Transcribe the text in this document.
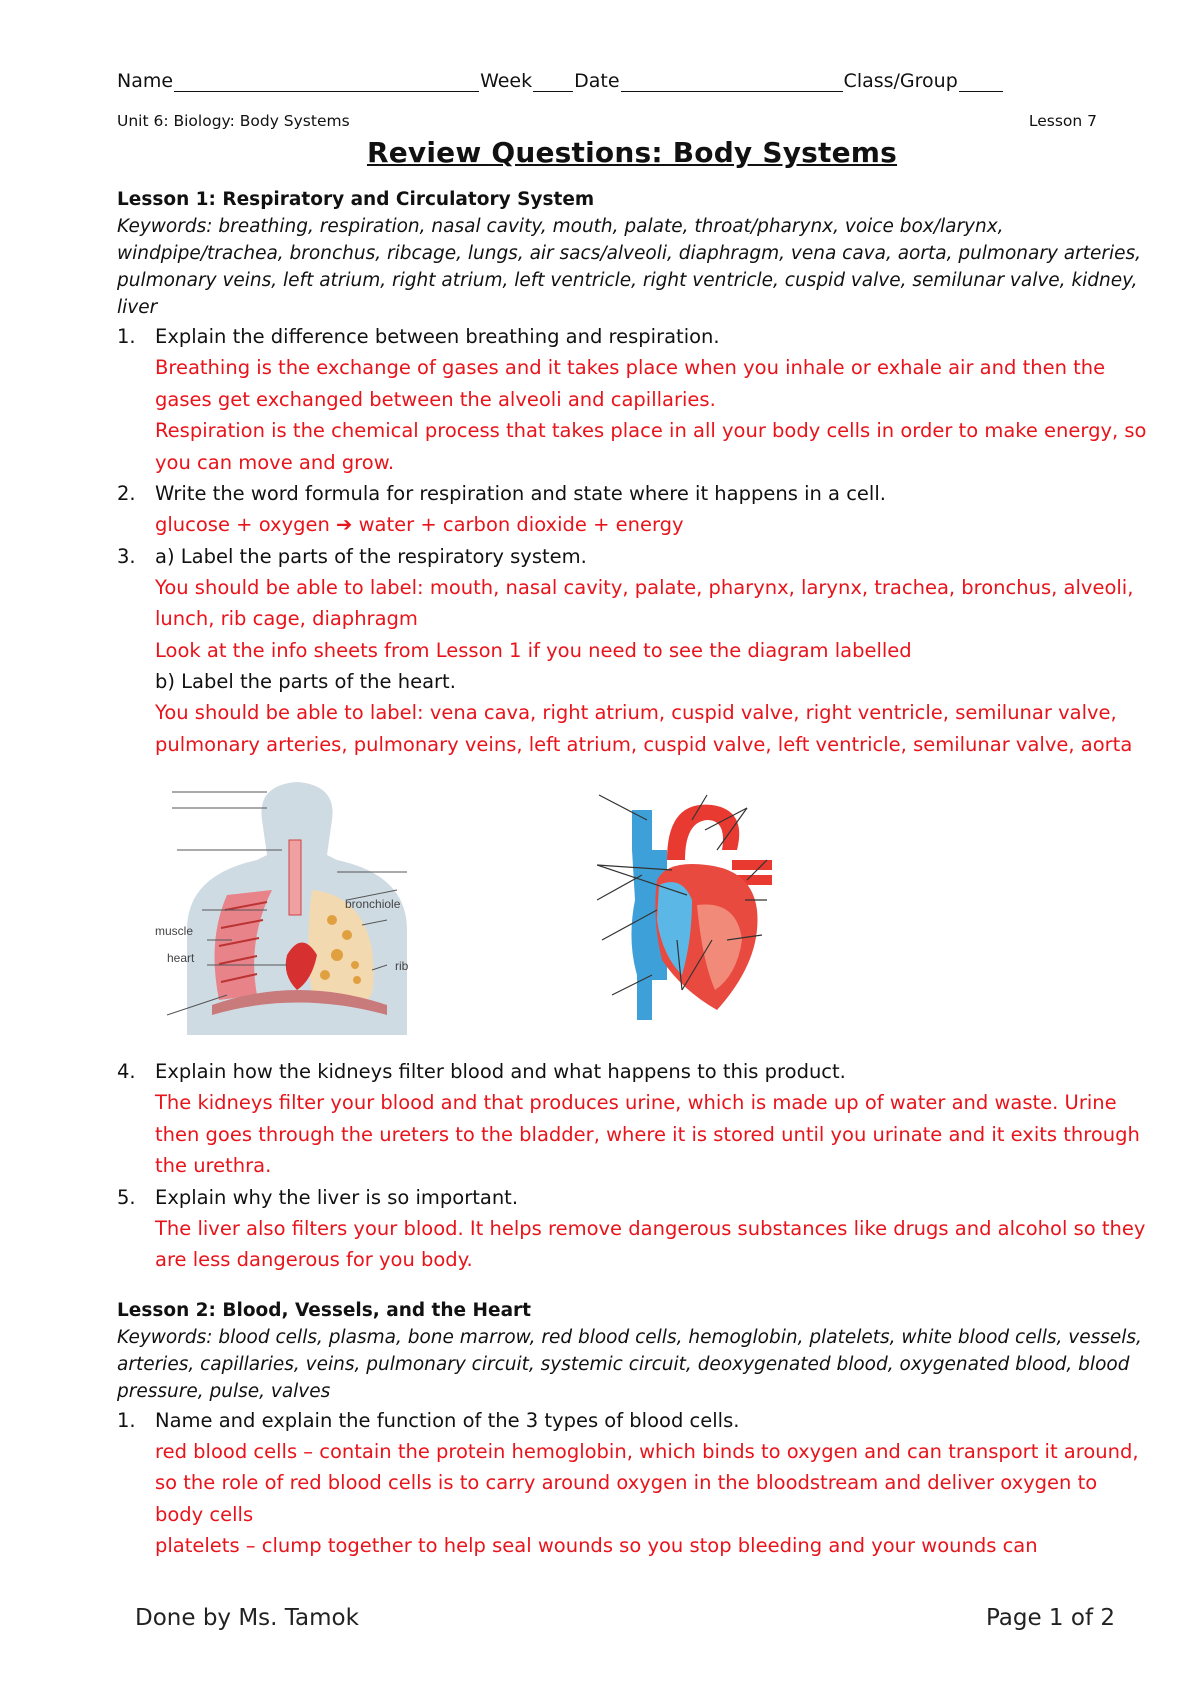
Name	Week Date	Class/Group
Unit 6: Biology: Body Systems	Lesson 7
Review Questions: Body Systems

Lesson 1: Respiratory and Circulatory System

Keywords: breathing, respiration, nasal cavity, mouth, palate, throat/pharynx, voice box/larynx, windpipe/trachea, bronchus, ribcage, lungs, air sacs/alveoli, diaphragm, vena cava, aorta, pulmonary arteries, pulmonary veins, left atrium, right atrium, left ventricle, right ventricle, cuspid valve, semilunar valve, kidney, liver

1. Explain the difference between breathing and respiration.
Breathing is the exchange of gases and it takes place when you inhale or exhale air and then the gases get exchanged between the alveoli and capillaries.
Respiration is the chemical process that takes place in all your body cells in order to make energy, so you can move and grow.
2. Write the word formula for respiration and state where it happens in a cell.
glucose + oxygen ➔ water + carbon dioxide + energy
3. a) Label the parts of the respiratory system.
You should be able to label: mouth, nasal cavity, palate, pharynx, larynx, trachea, bronchus, alveoli, lunch, rib cage, diaphragm
Look at the info sheets from Lesson 1 if you need to see the diagram labelled
b) Label the parts of the heart.
You should be able to label: vena cava, right atrium, cuspid valve, right ventricle, semilunar valve, pulmonary arteries, pulmonary veins, left atrium, cuspid valve, left ventricle, semilunar valve, aorta
bronchiole
muscle
heart
rib
4. Explain how the kidneys filter blood and what happens to this product.
The kidneys filter your blood and that produces urine, which is made up of water and waste. Urine then goes through the ureters to the bladder, where it is stored until you urinate and it exits through the urethra.
5. Explain why the liver is so important.
The liver also filters your blood. It helps remove dangerous substances like drugs and alcohol so they are less dangerous for you body.

Lesson 2: Blood, Vessels, and the Heart

Keywords: blood cells, plasma, bone marrow, red blood cells, hemoglobin, platelets, white blood cells, vessels, arteries, capillaries, veins, pulmonary circuit, systemic circuit, deoxygenated blood, oxygenated blood, blood pressure, pulse, valves

1. Name and explain the function of the 3 types of blood cells.
red blood cells – contain the protein hemoglobin, which binds to oxygen and can transport it around, so the role of red blood cells is to carry around oxygen in the bloodstream and deliver oxygen to body cells
platelets – clump together to help seal wounds so you stop bleeding and your wounds can
Done by Ms. Tamok	Page 1 of 2
